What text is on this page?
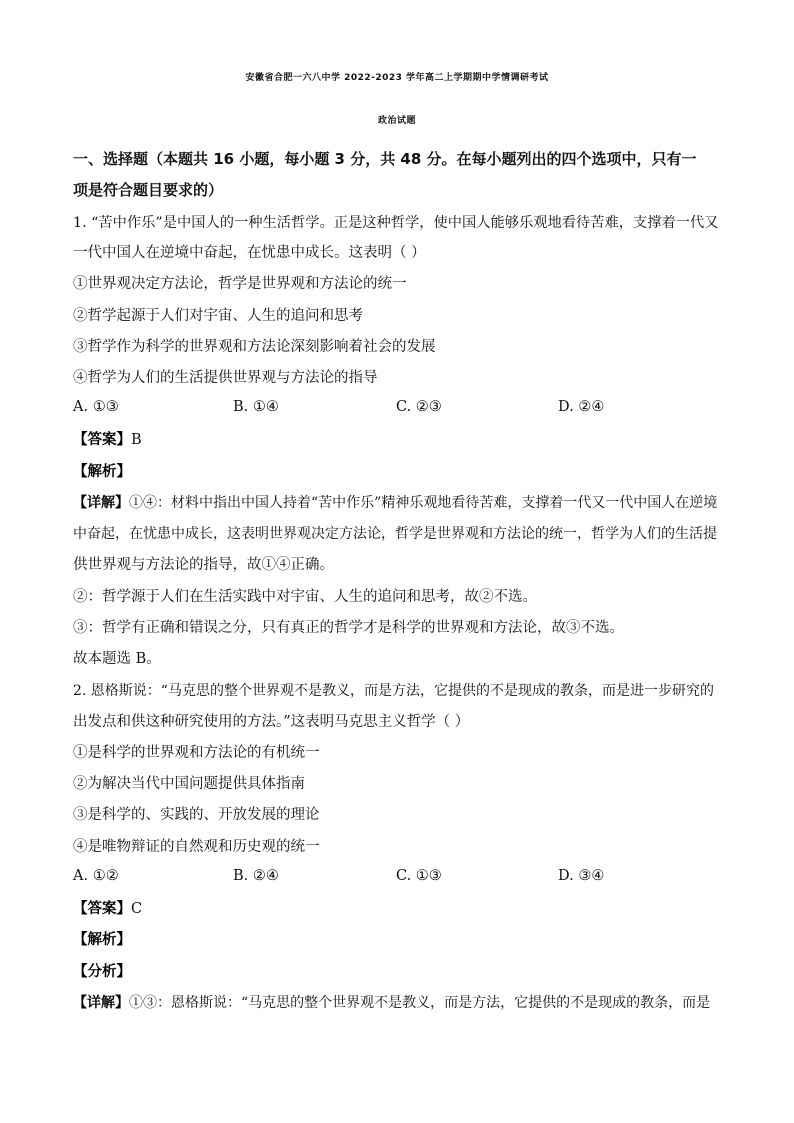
安徽省合肥一六八中学 2022-2023 学年高二上学期期中学情调研考试
政治试题
一、选择题（本题共 16 小题，每小题 3 分，共 48 分。在每小题列出的四个选项中，只有一
项是符合题目要求的）
1. “苦中作乐”是中国人的一种生活哲学。正是这种哲学，使中国人能够乐观地看待苦难，支撑着一代又
一代中国人在逆境中奋起，在忧患中成长。这表明（ ）
①世界观决定方法论，哲学是世界观和方法论的统一
②哲学起源于人们对宇宙、人生的追问和思考
③哲学作为科学的世界观和方法论深刻影响着社会的发展
④哲学为人们的生活提供世界观与方法论的指导
A. ①③	B. ①④	C. ②③	D. ②④
【答案】B
【解析】
【详解】①④：材料中指出中国人持着“苦中作乐”精神乐观地看待苦难，支撑着一代又一代中国人在逆境
中奋起，在忧患中成长，这表明世界观决定方法论，哲学是世界观和方法论的统一，哲学为人们的生活提
供世界观与方法论的指导，故①④正确。
②：哲学源于人们在生活实践中对宇宙、人生的追问和思考，故②不选。
③：哲学有正确和错误之分，只有真正的哲学才是科学的世界观和方法论，故③不选。
故本题选 B。
2. 恩格斯说：“马克思的整个世界观不是教义，而是方法，它提供的不是现成的教条，而是进一步研究的
出发点和供这种研究使用的方法。”这表明马克思主义哲学（ ）
①是科学的世界观和方法论的有机统一
②为解决当代中国问题提供具体指南
③是科学的、实践的、开放发展的理论
④是唯物辩证的自然观和历史观的统一
A. ①②	B. ②④	C. ①③	D. ③④
【答案】C
【解析】
【分析】
【详解】①③：恩格斯说：“马克思的整个世界观不是教义，而是方法，它提供的不是现成的教条，而是
